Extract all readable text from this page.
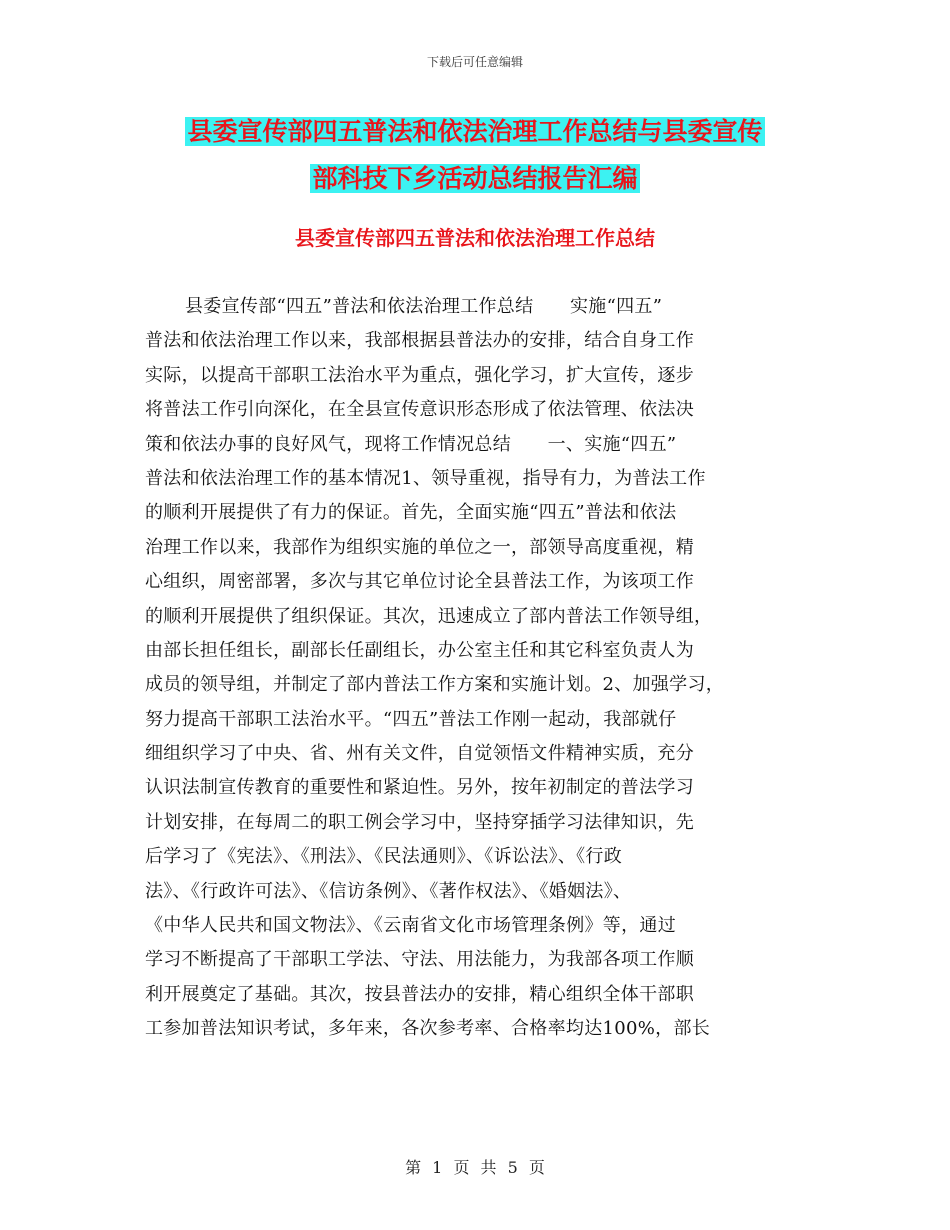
下载后可任意编辑
县委宣传部四五普法和依法治理工作总结与县委宣传
部科技下乡活动总结报告汇编
县委宣传部四五普法和依法治理工作总结
县委宣传部“四五”普法和依法治理工作总结　　实施“四五”
普法和依法治理工作以来，我部根据县普法办的安排，结合自身工作
实际，以提高干部职工法治水平为重点，强化学习，扩大宣传，逐步
将普法工作引向深化，在全县宣传意识形态形成了依法管理、依法决
策和依法办事的良好风气，现将工作情况总结　　一、实施“四五”
普法和依法治理工作的基本情况1、领导重视，指导有力，为普法工作
的顺利开展提供了有力的保证。首先，全面实施“四五”普法和依法
治理工作以来，我部作为组织实施的单位之一，部领导高度重视，精
心组织，周密部署，多次与其它单位讨论全县普法工作，为该项工作
的顺利开展提供了组织保证。其次，迅速成立了部内普法工作领导组，
由部长担任组长，副部长任副组长，办公室主任和其它科室负责人为
成员的领导组，并制定了部内普法工作方案和实施计划。2、加强学习，
努力提高干部职工法治水平。“四五”普法工作刚一起动，我部就仔
细组织学习了中央、省、州有关文件，自觉领悟文件精神实质，充分
认识法制宣传教育的重要性和紧迫性。另外，按年初制定的普法学习
计划安排，在每周二的职工例会学习中，坚持穿插学习法律知识，先
后学习了《宪法》、《刑法》、《民法通则》、《诉讼法》、《行政
法》、《行政许可法》、《信访条例》、《著作权法》、《婚姻法》、
《中华人民共和国文物法》、《云南省文化市场管理条例》等，通过
学习不断提高了干部职工学法、守法、用法能力，为我部各项工作顺
利开展奠定了基础。其次，按县普法办的安排，精心组织全体干部职
工参加普法知识考试，多年来，各次参考率、合格率均达100%，部长
第 1 页 共 5 页
